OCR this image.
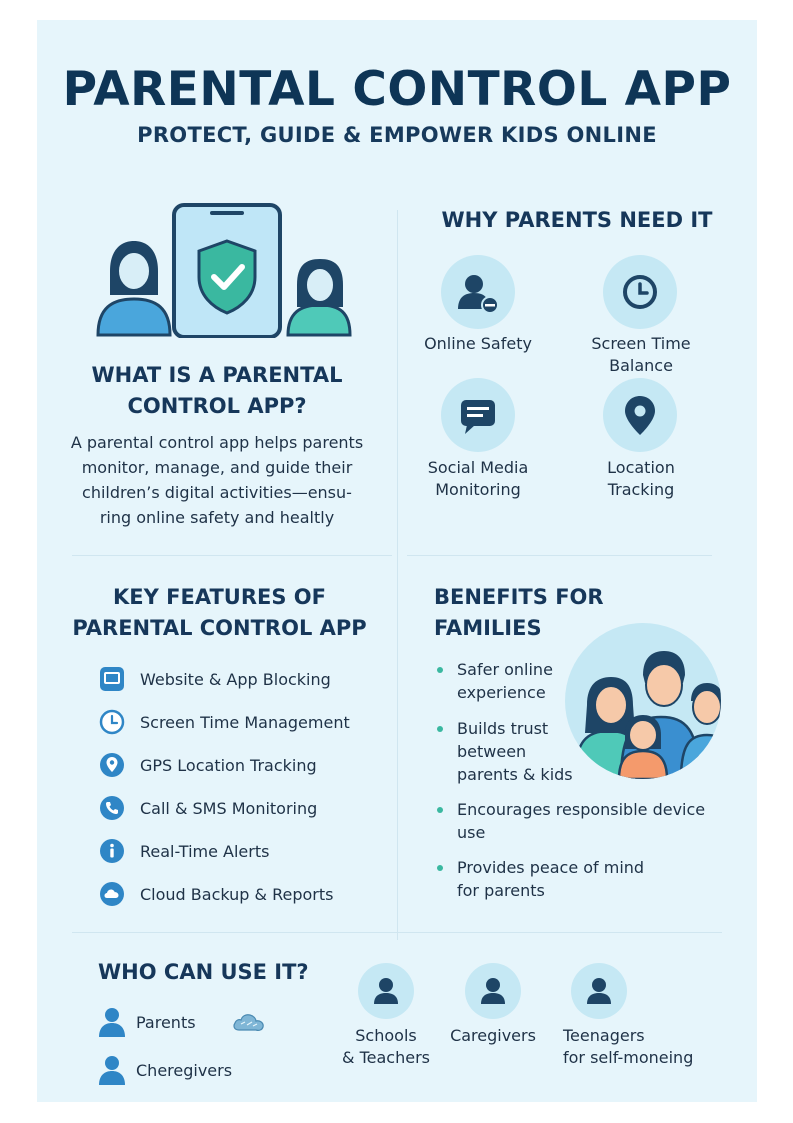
PARENTAL CONTROL APP
PROTECT, GUIDE & EMPOWER KIDS ONLINE
WHAT IS A PARENTAL
CONTROL APP?
A parental control app helps parents
monitor, manage, and guide their
children’s digital activities—ensu-
ring online safety and healtly
WHY PARENTS NEED IT
Online Safety	Screen Time
Balance
Social Media
Monitoring
Location
Tracking
KEY FEATURES OF
PARENTAL CONTROL APP
Website & App Blocking
Screen Time Management
GPS Location Tracking
Call & SMS Monitoring
Real-Time Alerts
Cloud Backup & Reports
BENEFITS FOR
FAMILIES
Safer online
experience
Builds trust
between
parents & kids
Encourages responsible device
use
Provides peace of mind
for parents
WHO CAN USE IT?
Parents
Cheregivers
Schools
& Teachers
Caregivers	Teenagers
for self-moneing
